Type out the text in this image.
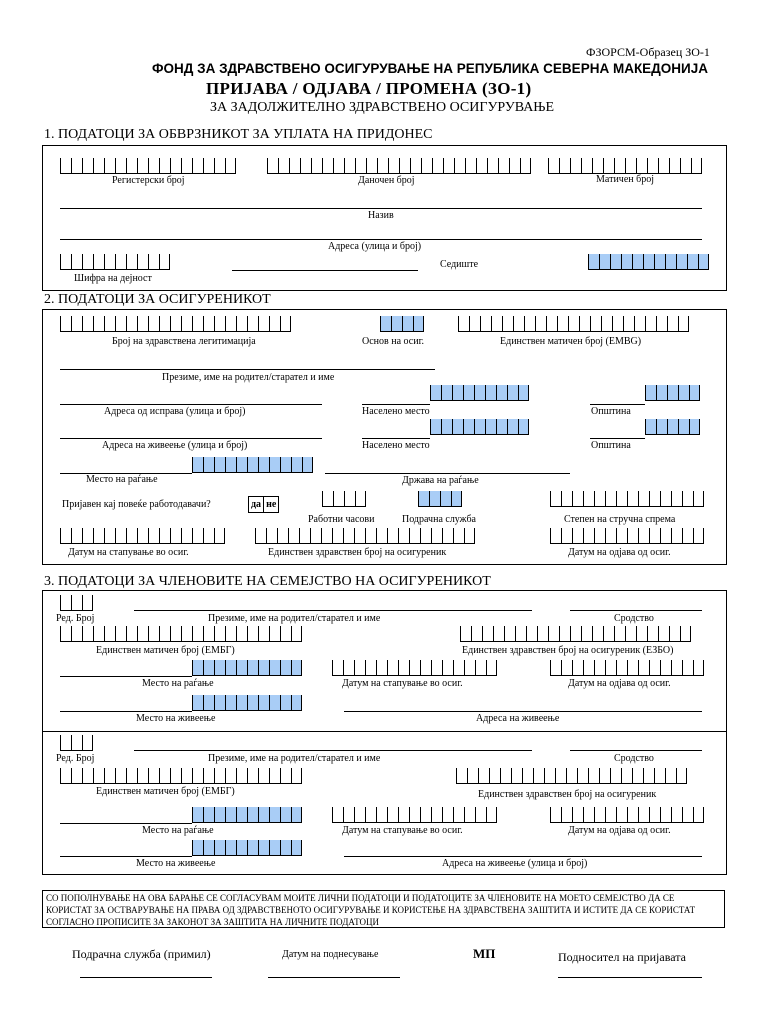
ФЗОРСМ-Образец ЗО-1
ФОНД ЗА ЗДРАВСТВЕНО ОСИГУРУВАЊЕ НА РЕПУБЛИКА СЕВЕРНА МАКЕДОНИЈА
ПРИЈАВА / ОДЈАВА / ПРОМЕНА (ЗО-1)
ЗА ЗАДОЛЖИТЕЛНО ЗДРАВСТВЕНО ОСИГУРУВАЊЕ
1. ПОДАТОЦИ ЗА ОБВРЗНИКОТ ЗА УПЛАТА НА ПРИДОНЕС
Регистерски број	Даночен број	Матичен број
Назив
Адреса (улица и број)
Шифра на дејност
Седиште
2. ПОДАТОЦИ ЗА ОСИГУРЕНИКОТ
Број на здравствена легитимација	Основ на осиг.	Единствен матичен број (ЕМВG)
Презиме, име на родител/старател и име
Адреса од исправа (улица и број)	Населено место	Општина
Адреса на живеење (улица и број)	Населено место	Општина
Место на раѓање	Држава на раѓање
Пријавен кај повеќе работодавачи?	да не
Работни часови	Подрачна служба	Степен на стручна спрема
Датум на стапување во осиг.	Единствен здравствен број на осигуреник	Датум на одјава од осиг.
3. ПОДАТОЦИ ЗА ЧЛЕНОВИТЕ НА СЕМЕЈСТВО НА ОСИГУРЕНИКОТ
Ред. Број	Презиме, име на родител/старател и име	Сродство
Единствен матичен број (ЕМБГ)	Единствен здравствен број на осигуреник (ЕЗБО)
Место на раѓање	Датум на стапување во осиг.	Датум на одјава од осиг.
Место на живеење	Адреса на живеење
Ред. Број	Презиме, име на родител/старател и име	Сродство
Единствен матичен број (ЕМБГ)	Единствен здравствен број на осигуреник
Место на раѓање	Датум на стапување во осиг.	Датум на одјава од осиг.
Место на живеење	Адреса на живеење (улица и број)
СО ПОПОЛНУВАЊЕ НА ОВА БАРАЊЕ СЕ СОГЛАСУВАМ МОИТЕ ЛИЧНИ ПОДАТОЦИ И ПОДАТОЦИТЕ ЗА ЧЛЕНОВИТЕ НА МОЕТО СЕМЕЈСТВО ДА СЕ КОРИСТАТ ЗА ОСТВАРУВАЊЕ НА ПРАВА ОД ЗДРАВСТВЕНОТО ОСИГУРУВАЊЕ И КОРИСТЕЊЕ НА ЗДРАВСТВЕНА ЗАШТИТА И ИСТИТЕ ДА СЕ КОРИСТАТ СОГЛАСНО ПРОПИСИТЕ ЗА ЗАКОНОТ ЗА ЗАШТИТА НА ЛИЧНИТЕ ПОДАТОЦИ
Подрачна служба (примил)	Датум на поднесување	МП	Подносител на пријавата
